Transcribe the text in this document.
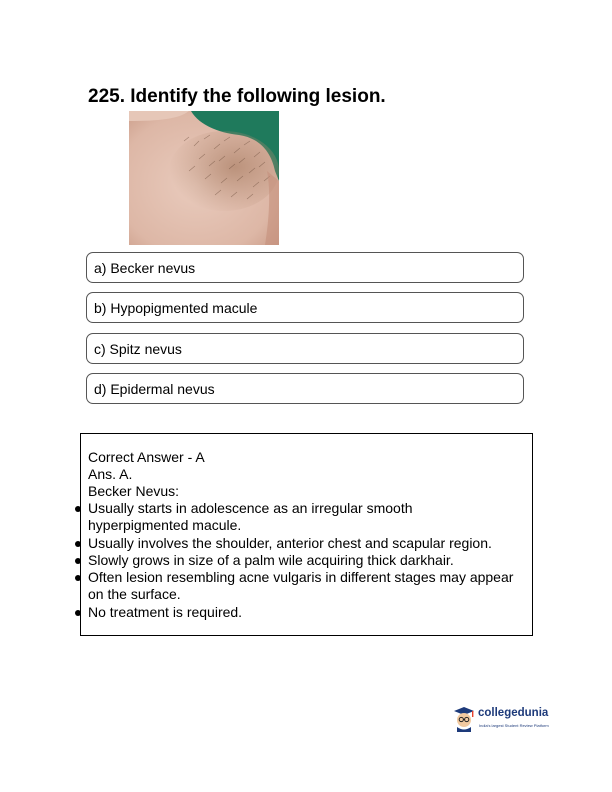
225. Identify the following lesion.
a) Becker nevus
b) Hypopigmented macule
c) Spitz nevus
d) Epidermal nevus
Correct Answer - A
Ans. A.
Becker Nevus:
Usually starts in adolescence as an irregular smooth
hyperpigmented macule.
Usually involves the shoulder, anterior chest and scapular region.
Slowly grows in size of a palm wile acquiring thick darkhair.
Often lesion resembling acne vulgaris in different stages may appear
on the surface.
No treatment is required.
collegedunia
India's largest Student Review Platform
